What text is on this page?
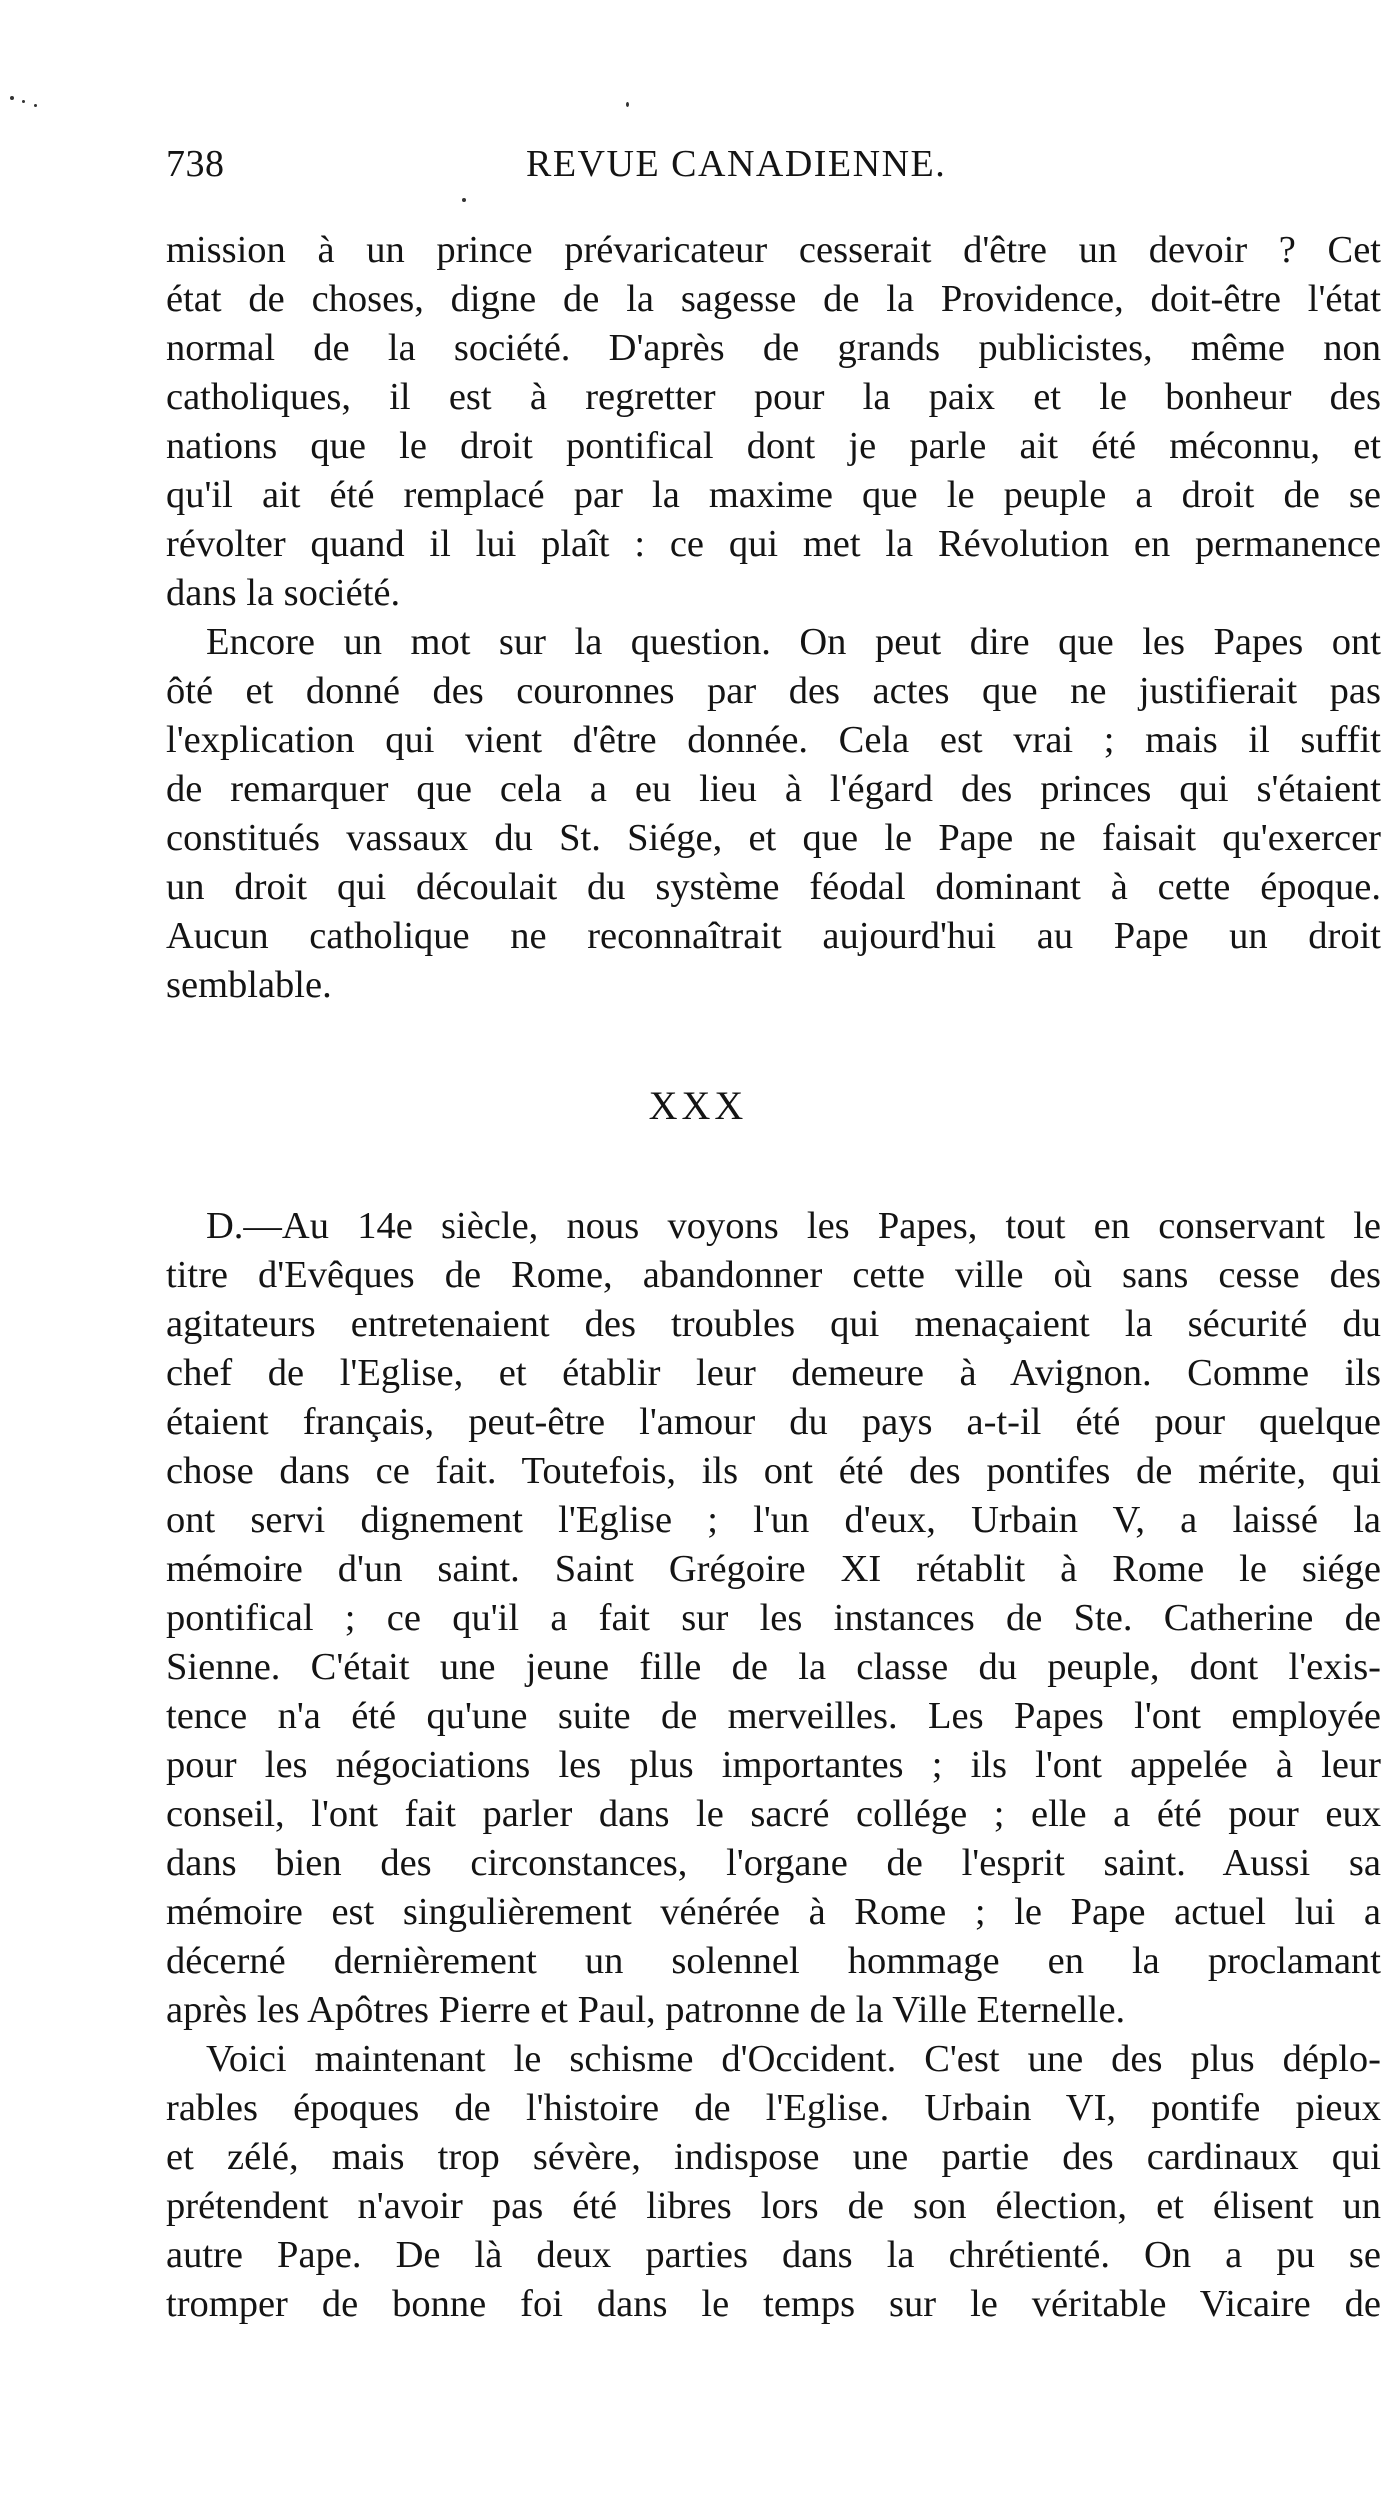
738	REVUE CANADIENNE.
mission à un prince prévaricateur cesserait d'être un devoir ? Cet
état de choses, digne de la sagesse de la Providence, doit-être l'état
normal de la société. D'après de grands publicistes, même non
catholiques, il est à regretter pour la paix et le bonheur des
nations que le droit pontifical dont je parle ait été méconnu, et
qu'il ait été remplacé par la maxime que le peuple a droit de se
révolter quand il lui plaît : ce qui met la Révolution en permanence
dans la société.
Encore un mot sur la question. On peut dire que les Papes ont
ôté et donné des couronnes par des actes que ne justifierait pas
l'explication qui vient d'être donnée. Cela est vrai ; mais il suffit
de remarquer que cela a eu lieu à l'égard des princes qui s'étaient
constitués vassaux du St. Siége, et que le Pape ne faisait qu'exercer
un droit qui découlait du système féodal dominant à cette époque.
Aucun catholique ne reconnaîtrait aujourd'hui au Pape un droit
semblable.
XXX
D.—Au 14e siècle, nous voyons les Papes, tout en conservant le
titre d'Evêques de Rome, abandonner cette ville où sans cesse des
agitateurs entretenaient des troubles qui menaçaient la sécurité du
chef de l'Eglise, et établir leur demeure à Avignon. Comme ils
étaient français, peut-être l'amour du pays a-t-il été pour quelque
chose dans ce fait. Toutefois, ils ont été des pontifes de mérite, qui
ont servi dignement l'Eglise ; l'un d'eux, Urbain V, a laissé la
mémoire d'un saint. Saint Grégoire XI rétablit à Rome le siége
pontifical ; ce qu'il a fait sur les instances de Ste. Catherine de
Sienne. C'était une jeune fille de la classe du peuple, dont l'exis-
tence n'a été qu'une suite de merveilles. Les Papes l'ont employée
pour les négociations les plus importantes ; ils l'ont appelée à leur
conseil, l'ont fait parler dans le sacré collége ; elle a été pour eux
dans bien des circonstances, l'organe de l'esprit saint. Aussi sa
mémoire est singulièrement vénérée à Rome ; le Pape actuel lui a
décerné dernièrement un solennel hommage en la proclamant
après les Apôtres Pierre et Paul, patronne de la Ville Eternelle.
Voici maintenant le schisme d'Occident. C'est une des plus déplo-
rables époques de l'histoire de l'Eglise. Urbain VI, pontife pieux
et zélé, mais trop sévère, indispose une partie des cardinaux qui
prétendent n'avoir pas été libres lors de son élection, et élisent un
autre Pape. De là deux parties dans la chrétienté. On a pu se
tromper de bonne foi dans le temps sur le véritable Vicaire de
